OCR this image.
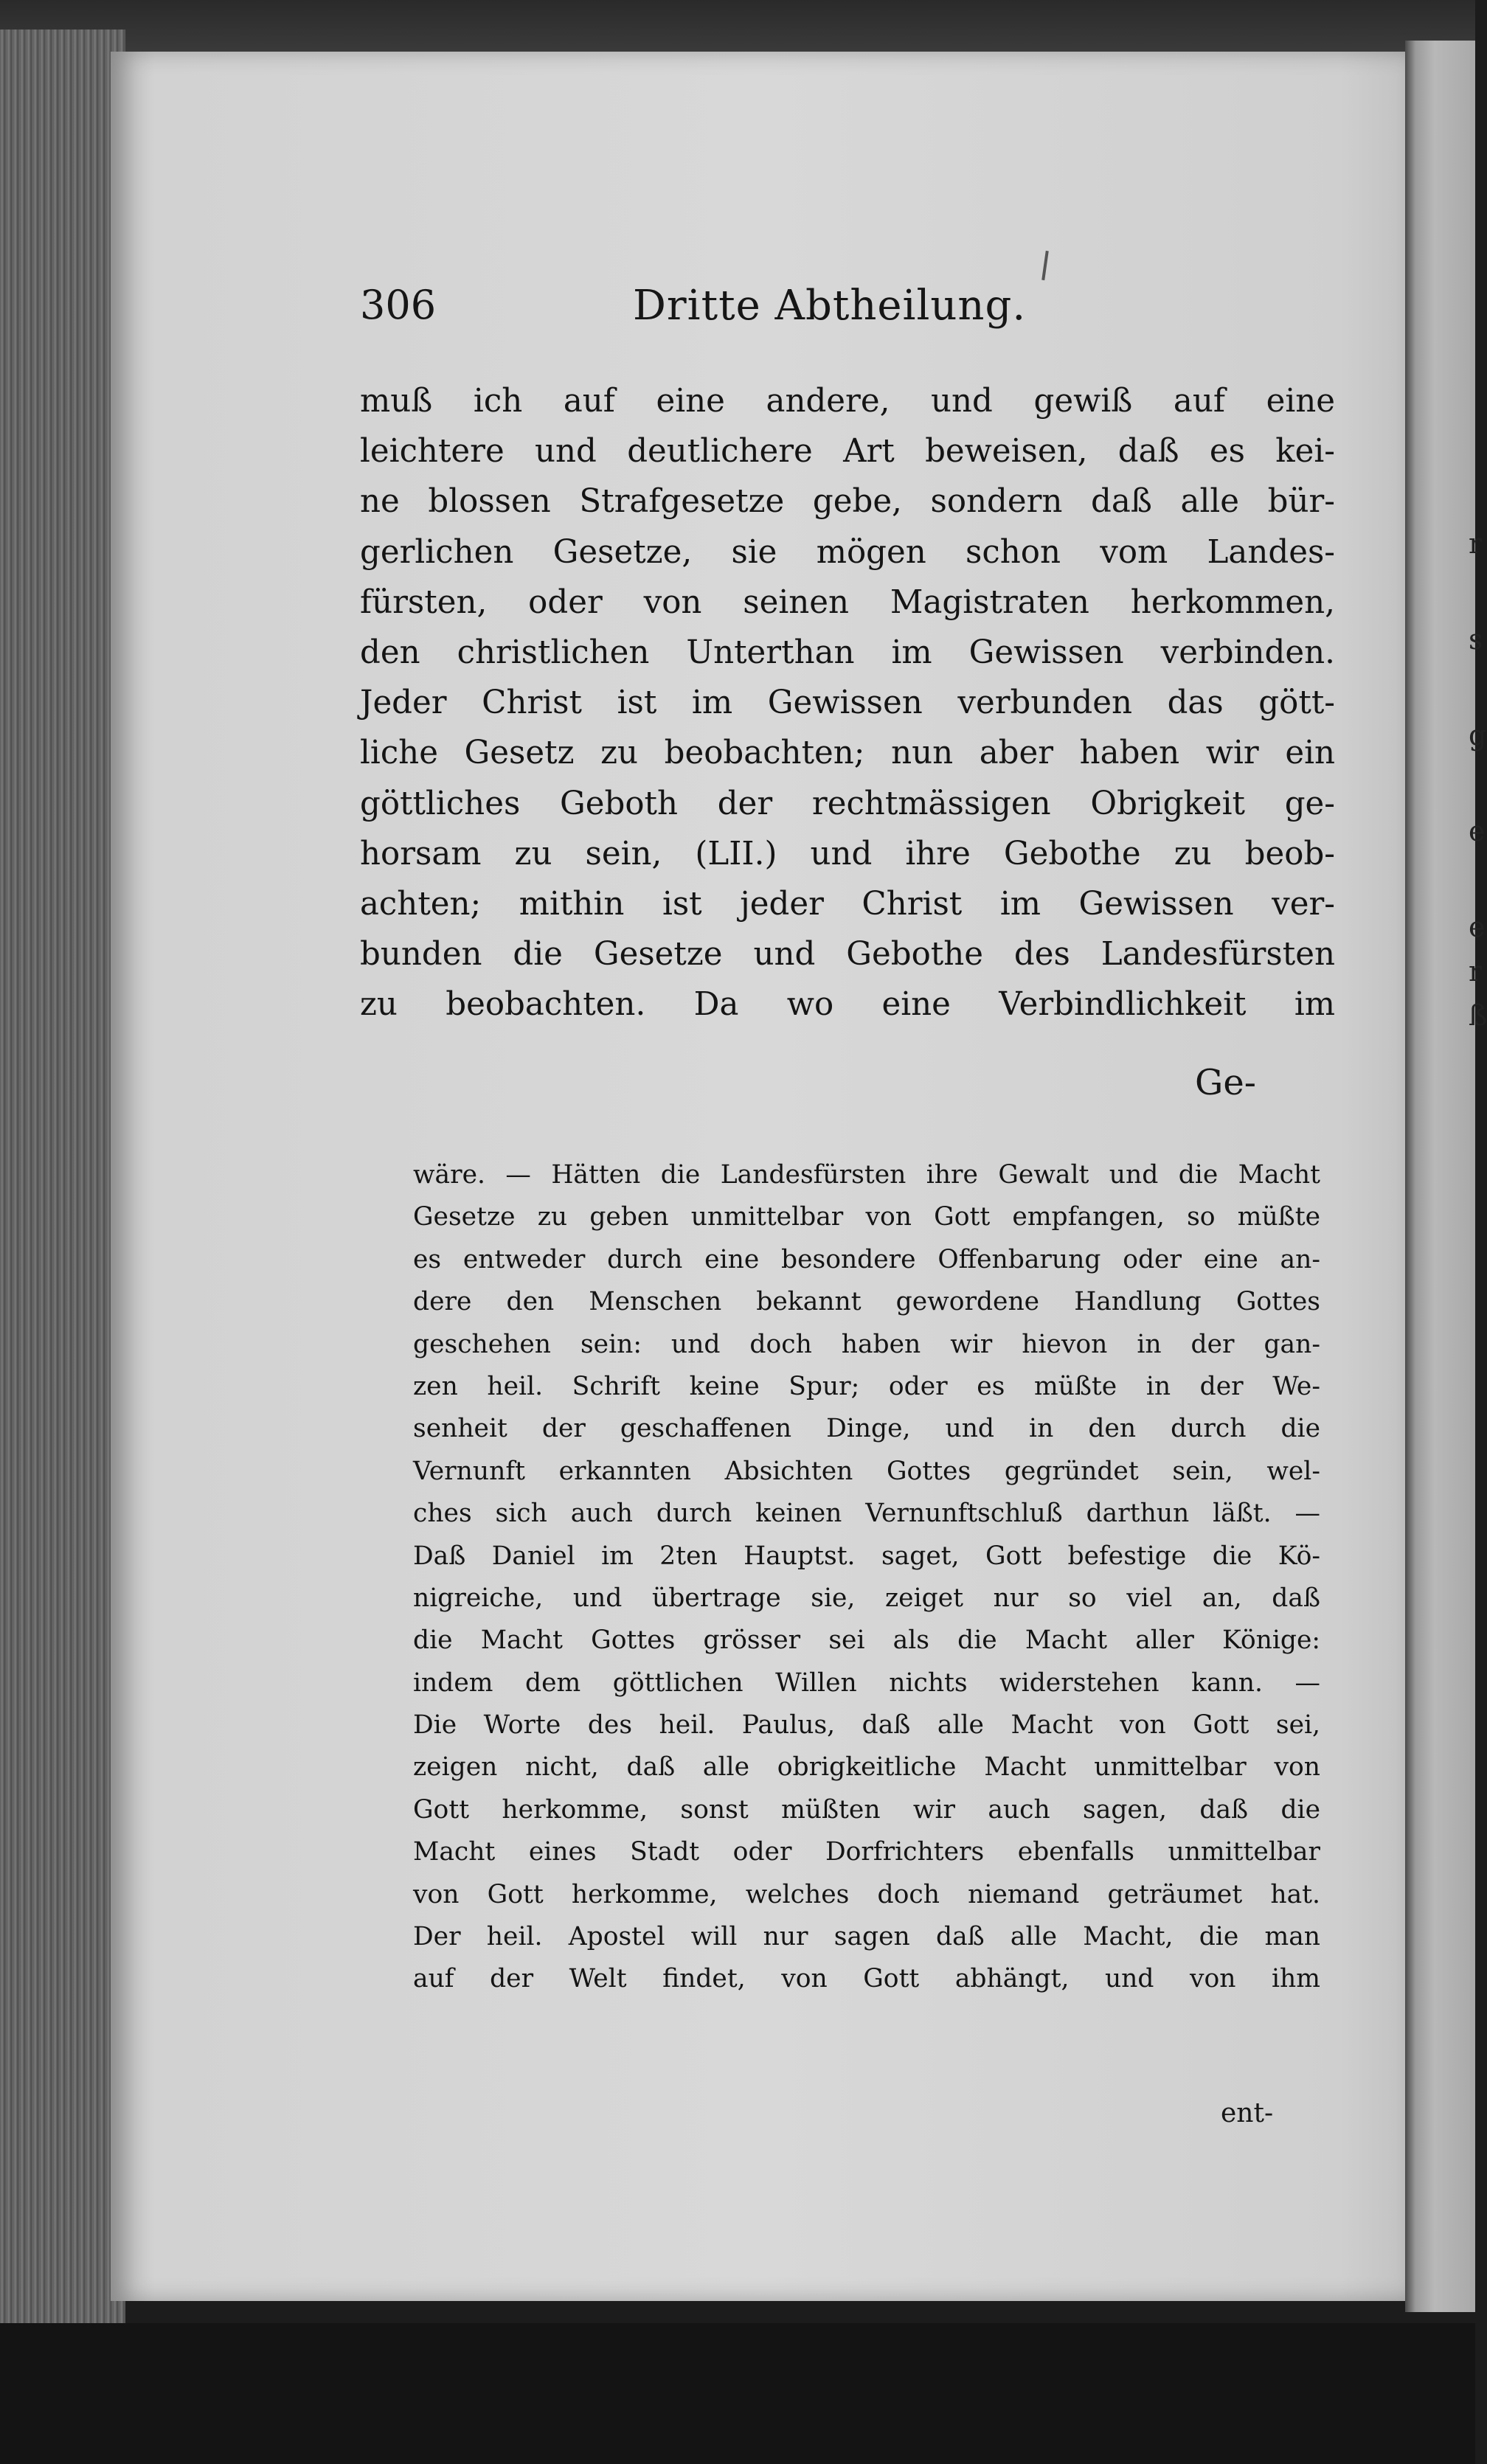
r
s
g
e
e
r
ß
306	Dritte Abtheilung.
muß ich auf eine andere, und gewiß auf eine
leichtere und deutlichere Art beweisen, daß es kei-
ne blossen Strafgesetze gebe, sondern daß alle bür-
gerlichen Gesetze, sie mögen schon vom Landes-
fürsten, oder von seinen Magistraten herkommen,
den christlichen Unterthan im Gewissen verbinden.
Jeder Christ ist im Gewissen verbunden das gött-
liche Gesetz zu beobachten; nun aber haben wir ein
göttliches Geboth der rechtmässigen Obrigkeit ge-
horsam zu sein, (LII.) und ihre Gebothe zu beob-
achten; mithin ist jeder Christ im Gewissen ver-
bunden die Gesetze und Gebothe des Landesfürsten
zu beobachten. Da wo eine Verbindlichkeit im
Ge-
wäre. — Hätten die Landesfürsten ihre Gewalt und die Macht
Gesetze zu geben unmittelbar von Gott empfangen, so müßte
es entweder durch eine besondere Offenbarung oder eine an-
dere den Menschen bekannt gewordene Handlung Gottes
geschehen sein: und doch haben wir hievon in der gan-
zen heil. Schrift keine Spur; oder es müßte in der We-
senheit der geschaffenen Dinge, und in den durch die
Vernunft erkannten Absichten Gottes gegründet sein, wel-
ches sich auch durch keinen Vernunftschluß darthun läßt. —
Daß Daniel im 2ten Hauptst. saget, Gott befestige die Kö-
nigreiche, und übertrage sie, zeiget nur so viel an, daß
die Macht Gottes grösser sei als die Macht aller Könige:
indem dem göttlichen Willen nichts widerstehen kann. —
Die Worte des heil. Paulus, daß alle Macht von Gott sei,
zeigen nicht, daß alle obrigkeitliche Macht unmittelbar von
Gott herkomme, sonst müßten wir auch sagen, daß die
Macht eines Stadt oder Dorfrichters ebenfalls unmittelbar
von Gott herkomme, welches doch niemand geträumet hat.
Der heil. Apostel will nur sagen daß alle Macht, die man
auf der Welt findet, von Gott abhängt, und von ihm
ent-
